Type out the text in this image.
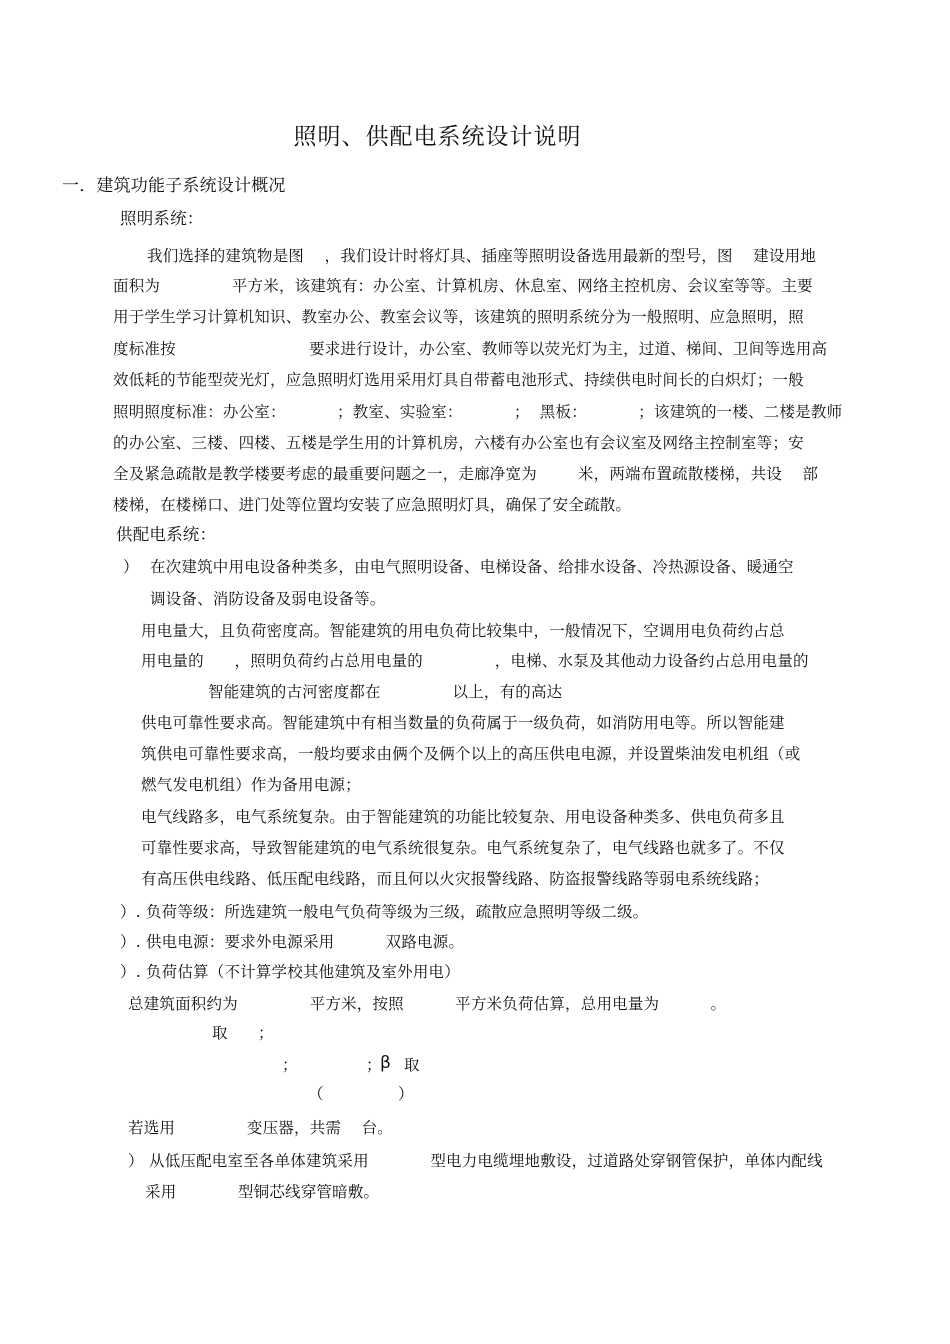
照明、供配电系统设计说明
一．建筑功能子系统设计概况
照明系统：
我们选择的建筑物是图    ，我们设计时将灯具、插座等照明设备选用最新的型号，图    建设用地
面积为              平方米，该建筑有：办公室、计算机房、休息室、网络主控机房、会议室等等。主要
用于学生学习计算机知识、教室办公、教室会议等，该建筑的照明系统分为一般照明、应急照明，照
度标准按                          要求进行设计，办公室、教师等以荧光灯为主，过道、梯间、卫间等选用高
效低耗的节能型荧光灯，应急照明灯选用采用灯具自带蓄电池形式、持续供电时间长的白炽灯；一般
照明照度标准：办公室：          ；教室、实验室：          ；  黑板：          ；该建筑的一楼、二楼是教师
的办公室、三楼、四楼、五楼是学生用的计算机房，六楼有办公室也有会议室及网络主控制室等；安
全及紧急疏散是教学楼要考虑的最重要问题之一，走廊净宽为        米，两端布置疏散楼梯，共设    部
楼梯，在楼梯口、进门处等位置均安装了应急照明灯具，确保了安全疏散。
供配电系统：
） 在次建筑中用电设备种类多，由电气照明设备、电梯设备、给排水设备、冷热源设备、暖通空
调设备、消防设备及弱电设备等。
用电量大，且负荷密度高。智能建筑的用电负荷比较集中，一般情况下，空调用电负荷约占总
用电量的      ，照明负荷约占总用电量的              ，电梯、水泵及其他动力设备约占总用电量的
智能建筑的古河密度都在              以上，有的高达
供电可靠性要求高。智能建筑中有相当数量的负荷属于一级负荷，如消防用电等。所以智能建
筑供电可靠性要求高，一般均要求由俩个及俩个以上的高压供电电源，并设置柴油发电机组（或
燃气发电机组）作为备用电源；
电气线路多，电气系统复杂。由于智能建筑的功能比较复杂、用电设备种类多、供电负荷多且
可靠性要求高，导致智能建筑的电气系统很复杂。电气系统复杂了，电气线路也就多了。不仅
有高压供电线路、低压配电线路，而且何以火灾报警线路、防盗报警线路等弱电系统线路；
）. 负荷等级：所选建筑一般电气负荷等级为三级，疏散应急照明等级二级。
）. 供电电源：要求外电源采用          双路电源。
）. 负荷估算（不计算学校其他建筑及室外用电）
总建筑面积约为              平方米，按照          平方米负荷估算，总用电量为          。
取 ；
；	；
β 取
（	）
若选用              变压器，共需    台。
） 从低压配电室至各单体建筑采用            型电力电缆埋地敷设，过道路处穿钢管保护，单体内配线
采用            型铜芯线穿管暗敷。
